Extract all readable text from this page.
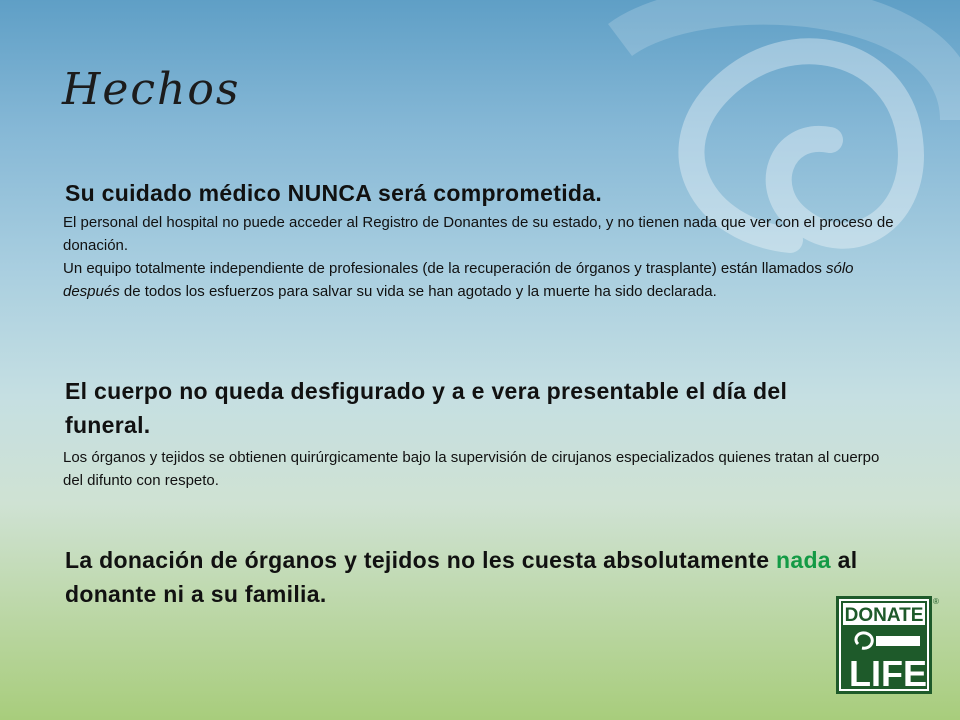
Hechos
Su cuidado médico NUNCA será comprometida.
El personal del hospital no puede acceder al Registro de Donantes de su estado, y no tienen nada que ver con el proceso de donación.
Un equipo totalmente independiente de profesionales (de la recuperación de órganos y trasplante) están llamados sólo después de todos los esfuerzos para salvar su vida se han agotado y la muerte ha sido declarada.
El cuerpo no queda desfigurado y a e vera presentable el día del funeral.
Los órganos y tejidos se obtienen quirúrgicamente bajo la supervisión de cirujanos especializados quienes tratan al cuerpo del difunto con respeto.
La donación de órganos y tejidos no les cuesta absolutamente nada al donante ni a su familia.
DONATE
LIFE
®
